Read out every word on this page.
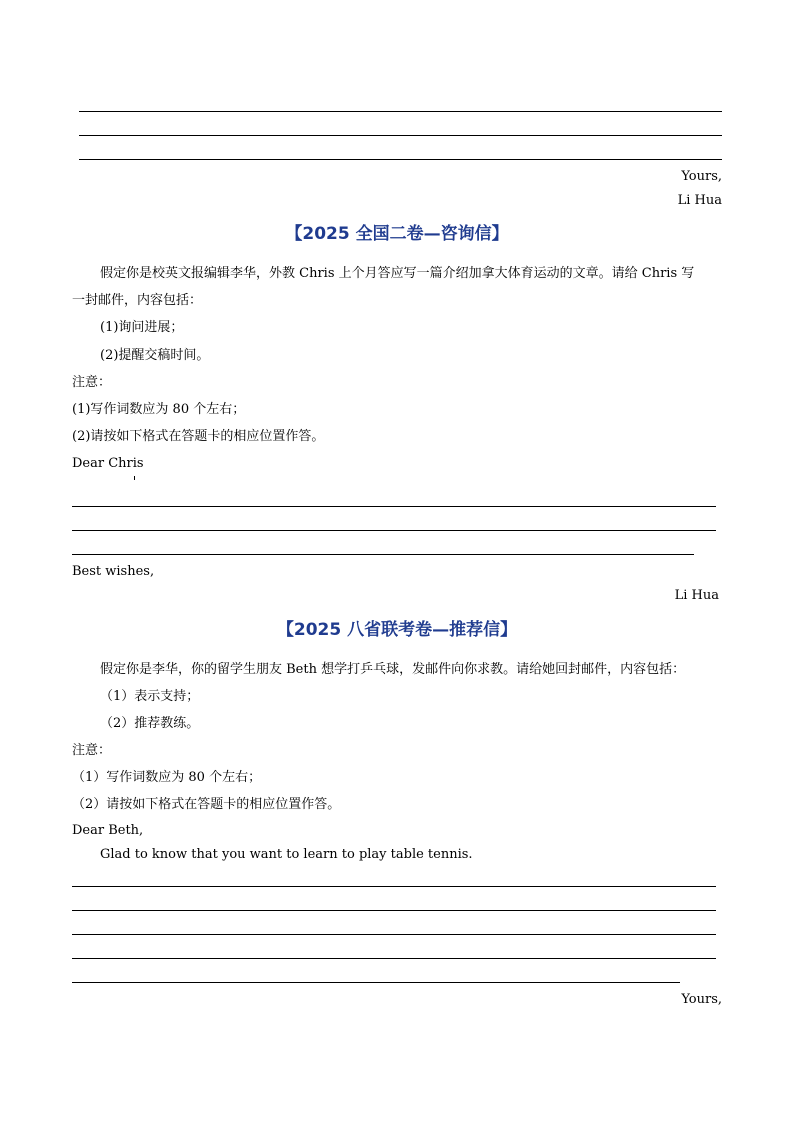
Yours,
Li Hua
【2025 全国二卷—咨询信】
假定你是校英文报编辑李华，外教 Chris 上个月答应写一篇介绍加拿大体育运动的文章。请给 Chris 写
一封邮件，内容包括：
(1)询问进展；
(2)提醒交稿时间。
注意：
(1)写作词数应为 80 个左右；
(2)请按如下格式在答题卡的相应位置作答。
Dear Chris
Best wishes,
Li Hua
【2025 八省联考卷—推荐信】
假定你是李华，你的留学生朋友 Beth 想学打乒乓球，发邮件向你求教。请给她回封邮件，内容包括：
（1）表示支持；
（2）推荐教练。
注意：
（1）写作词数应为 80 个左右；
（2）请按如下格式在答题卡的相应位置作答。
Dear Beth,
Glad to know that you want to learn to play table tennis.
Yours,
